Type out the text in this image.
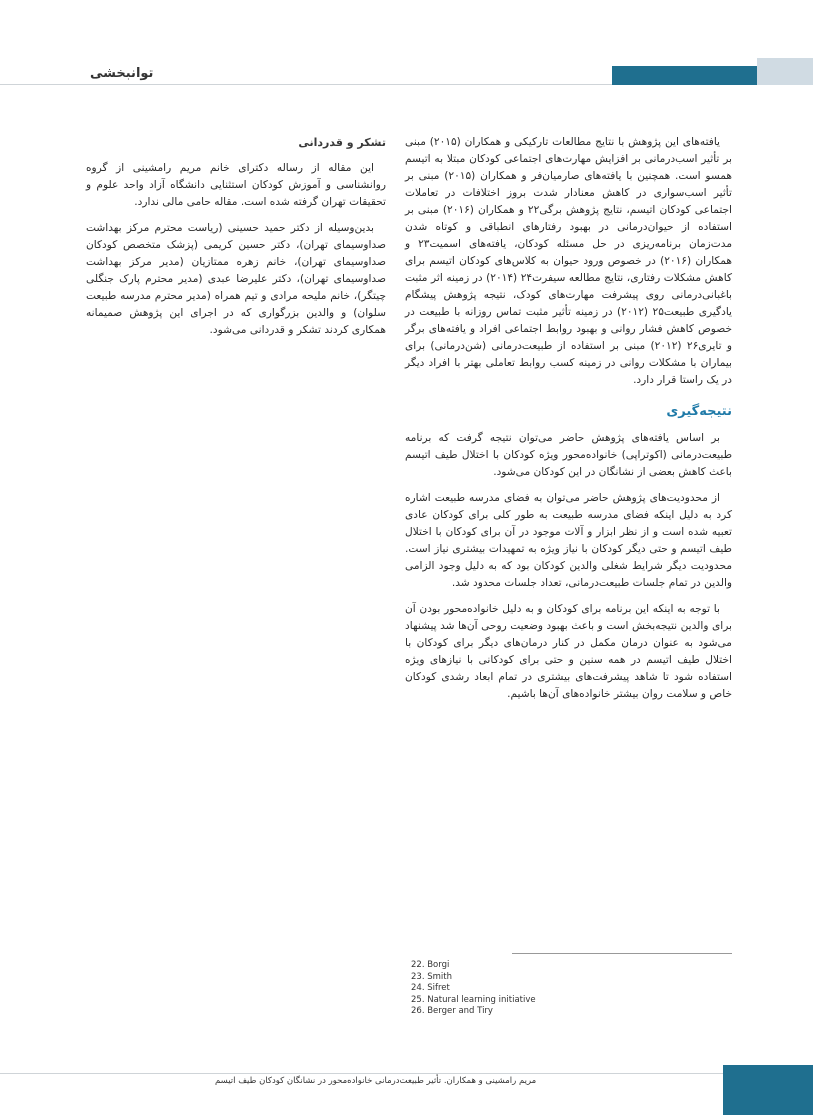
توانبخشی

یافته‌های این پژوهش با نتایج مطالعات تارکیکی و همکاران (۲۰۱۵) مبنی بر تأثیر اسب‌درمانی بر افزایش مهارت‌های اجتماعی کودکان مبتلا به اتیسم همسو است. همچنین با یافته‌های صارمیان‌فر و همکاران (۲۰۱۵) مبنی بر تأثیر اسب‌سواری در کاهش معنادار شدت بروز اختلافات در تعاملات اجتماعی کودکان اتیسم، نتایج پژوهش برگی۲۲ و همکاران (۲۰۱۶) مبنی بر استفاده از حیوان‌درمانی در بهبود رفتارهای انطباقی و کوتاه شدن مدت‌زمان برنامه‌ریزی در حل مسئله کودکان، یافته‌های اسمیت۲۳ و همکاران (۲۰۱۶) در خصوص ورود حیوان به کلاس‌های کودکان اتیسم برای کاهش مشکلات رفتاری، نتایج مطالعه سیفرت۲۴ (۲۰۱۴) در زمینه اثر مثبت باغبانی‌درمانی روی پیشرفت مهارت‌های کودک، نتیجه پژوهش پیشگام یادگیری طبیعت۲۵ (۲۰۱۲) در زمینه تأثیر مثبت تماس روزانه با طبیعت در خصوص کاهش فشار روانی و بهبود روابط اجتماعی افراد و یافته‌های برگر و تایری۲۶ (۲۰۱۲) مبنی بر استفاده از طبیعت‌درمانی (شن‌درمانی) برای بیماران با مشکلات روانی در زمینه کسب روابط تعاملی بهتر با افراد دیگر در یک راستا قرار دارد.

نتیجه‌گیری

بر اساس یافته‌های پژوهش حاضر می‌توان نتیجه گرفت که برنامه طبیعت‌درمانی (اکوتراپی) خانواده‌محور ویژه کودکان با اختلال طیف اتیسم باعث کاهش بعضی از نشانگان در این کودکان می‌شود.

از محدودیت‌های پژوهش حاضر می‌توان به فضای مدرسه طبیعت اشاره کرد به دلیل اینکه فضای مدرسه طبیعت به طور کلی برای کودکان عادی تعبیه شده است و از نظر ابزار و آلات موجود در آن برای کودکان با اختلال طیف اتیسم و حتی دیگر کودکان با نیاز ویژه به تمهیدات بیشتری نیاز است. محدودیت دیگر شرایط شغلی والدین کودکان بود که به دلیل وجود الزامی والدین در تمام جلسات طبیعت‌درمانی، تعداد جلسات محدود شد.

با توجه به اینکه این برنامه برای کودکان و به دلیل خانواده‌محور بودن آن برای والدین نتیجه‌بخش است و باعث بهبود وضعیت روحی آن‌ها شد پیشنهاد می‌شود به عنوان درمان مکمل در کنار درمان‌های دیگر برای کودکان با اختلال طیف اتیسم در همه سنین و حتی برای کودکانی با نیازهای ویژه استفاده شود تا شاهد پیشرفت‌های بیشتری در تمام ابعاد رشدی کودکان خاص و سلامت روان بیشتر خانواده‌های آن‌ها باشیم.

تشکر و قدردانی

این مقاله از رساله دکترای خانم مریم رامشینی از گروه روانشناسی و آموزش کودکان استثنایی دانشگاه آزاد واحد علوم و تحقیقات تهران گرفته شده است. مقاله حامی مالی ندارد.

بدین‌وسیله از دکتر حمید حسینی (ریاست محترم مرکز بهداشت صداوسیمای تهران)، دکتر حسین کریمی (پزشک متخصص کودکان صداوسیمای تهران)، خانم زهره ممتازیان (مدیر مرکز بهداشت صداوسیمای تهران)، دکتر علیرضا عبدی (مدیر محترم پارک جنگلی چیتگر)، خانم ملیحه مرادی و تیم همراه (مدیر محترم مدرسه طبیعت سلوان) و والدین بزرگواری که در اجرای این پژوهش صمیمانه همکاری کردند تشکر و قدردانی می‌شود.

22. Borgi
23. Smith
24. Sifret
25. Natural learning initiative
26. Berger and Tiry
مریم رامشینی و همکاران. تأثیر طبیعت‌درمانی خانواده‌محور در نشانگان کودکان طیف اتیسم
